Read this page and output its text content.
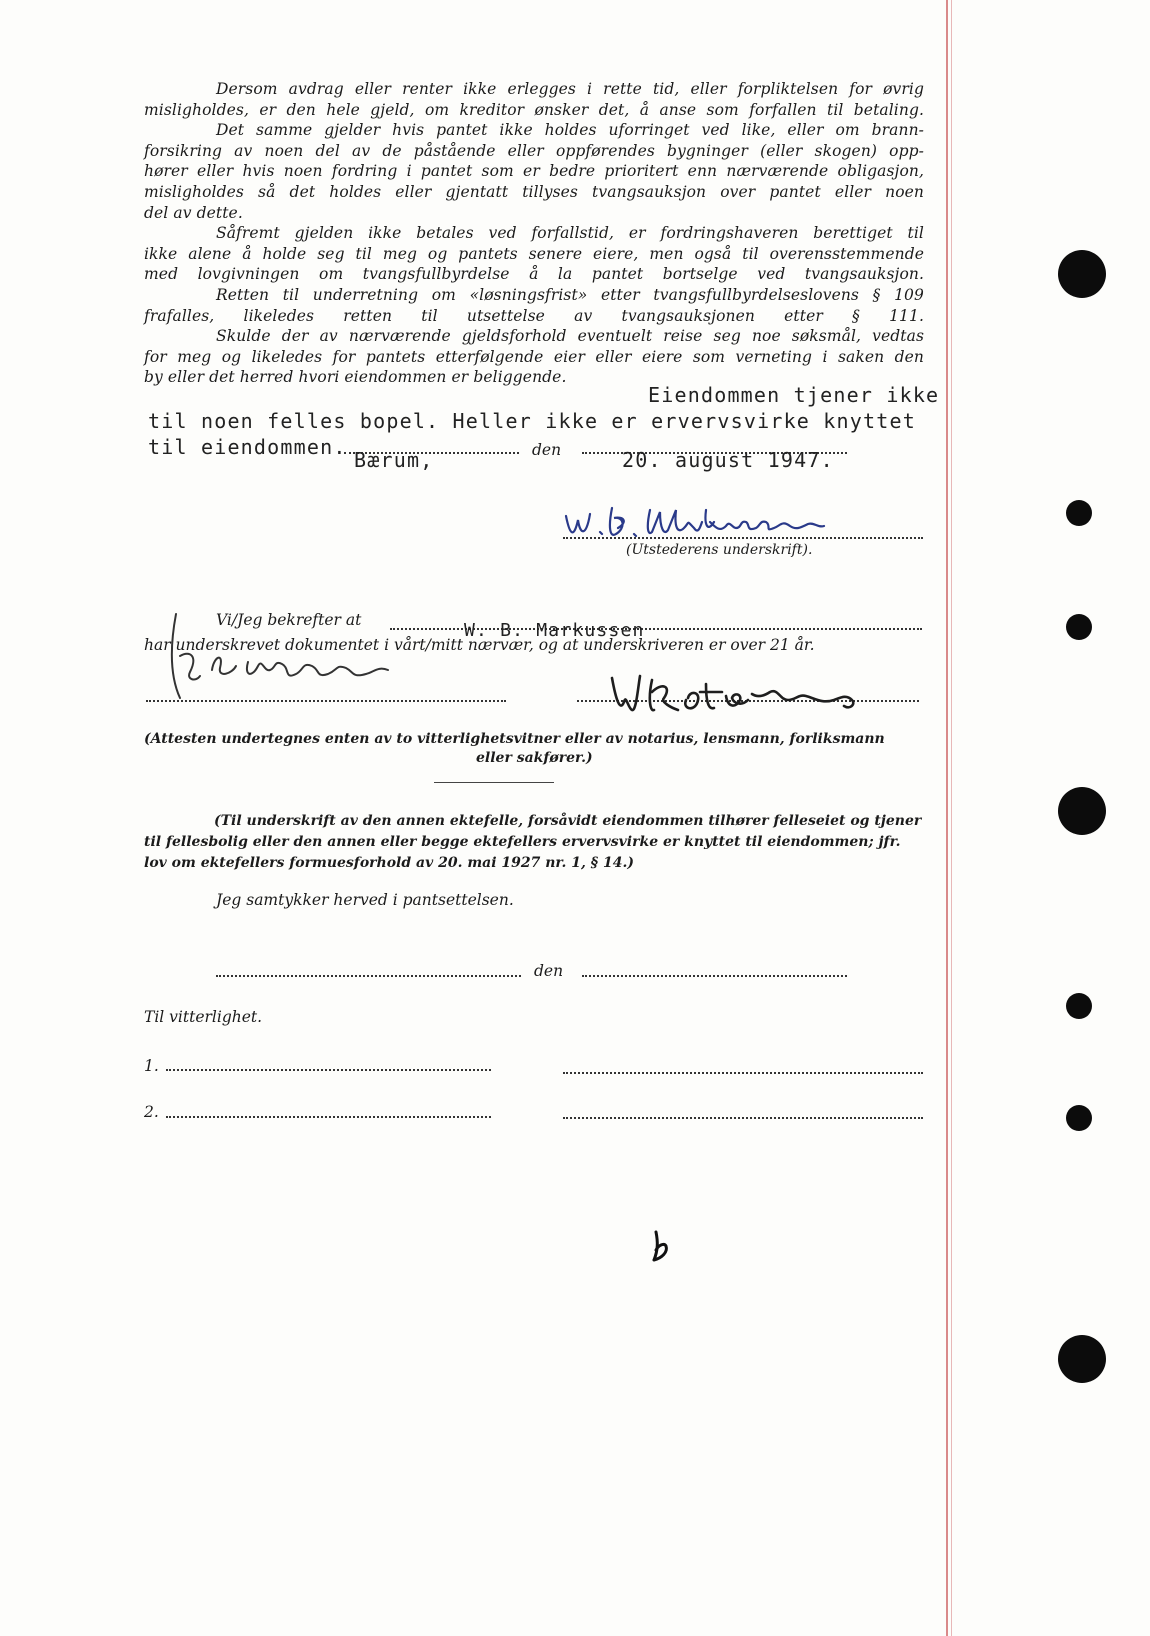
Dersom avdrag eller renter ikke erlegges i rette tid, eller forpliktelsen for øvrig
misligholdes, er den hele gjeld, om kreditor ønsker det, å anse som forfallen til betaling.
Det samme gjelder hvis pantet ikke holdes uforringet ved like, eller om brann-
forsikring av noen del av de påstående eller oppførendes bygninger (eller skogen) opp-
hører eller hvis noen fordring i pantet som er bedre prioritert enn nærværende obligasjon,
misligholdes så det holdes eller gjentatt tillyses tvangsauksjon over pantet eller noen
del av dette.
Såfremt gjelden ikke betales ved forfallstid, er fordringshaveren berettiget til
ikke alene å holde seg til meg og pantets senere eiere, men også til overensstemmende
med lovgivningen om tvangsfullbyrdelse å la pantet bortselge ved tvangsauksjon.
Retten til underretning om «løsningsfrist» etter tvangsfullbyrdelseslovens § 109
frafalles, likeledes retten til utsettelse av tvangsauksjonen etter § 111.
Skulde der av nærværende gjeldsforhold eventuelt reise seg noe søksmål, vedtas
for meg og likeledes for pantets etterfølgende eier eller eiere som verneting i saken den
by eller det herred hvori eiendommen er beliggende.
Eiendommen tjener ikke
til noen felles bopel. Heller ikke er ervervsvirke knyttet
til eiendommen.
Bærum,	den	20. august 1947.
(Utstederens underskrift).
Vi/Jeg bekrefter at	W. B. Markussen
har underskrevet dokumentet i vårt/mitt nærvær, og at underskriveren er over 21 år.
(Attesten undertegnes enten av to vitterlighetsvitner eller av notarius, lensmann, forliksmann
eller sakfører.)
(Til underskrift av den annen ektefelle, forsåvidt eiendommen tilhører felleseiet og tjener
til fellesbolig eller den annen eller begge ektefellers ervervsvirke er knyttet til eiendommen; jfr.
lov om ektefellers formuesforhold av 20. mai 1927 nr. 1, § 14.)
Jeg samtykker herved i pantsettelsen.
den
Til vitterlighet.
1.
2.
